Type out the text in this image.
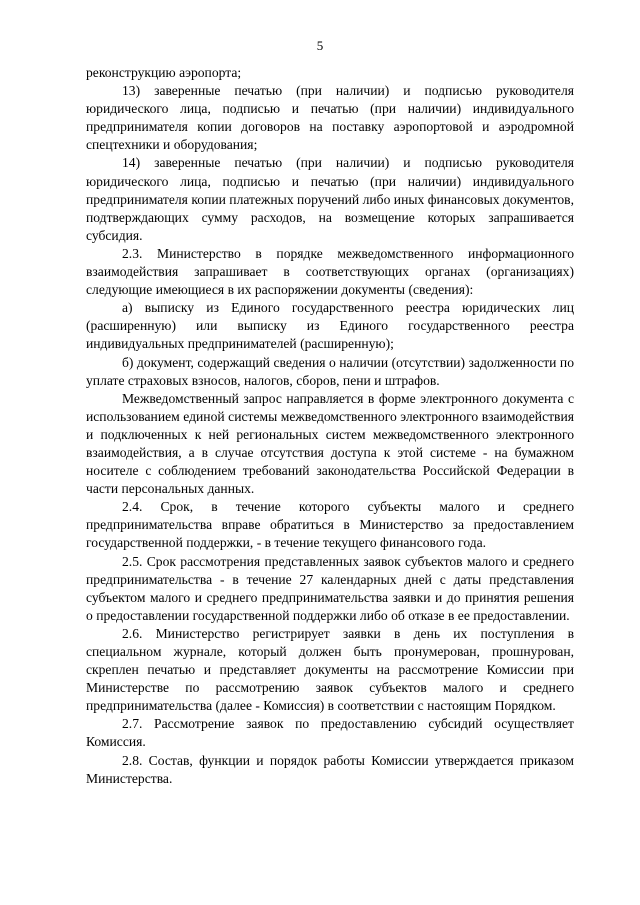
5

реконструкцию аэропорта;

13) заверенные печатью (при наличии) и подписью руководителя юридического лица, подписью и печатью (при наличии) индивидуального предпринимателя копии договоров на поставку аэропортовой и аэродромной спецтехники и оборудования;

14) заверенные печатью (при наличии) и подписью руководителя юридического лица, подписью и печатью (при наличии) индивидуального предпринимателя копии платежных поручений либо иных финансовых документов, подтверждающих сумму расходов, на возмещение которых запрашивается субсидия.

2.3. Министерство в порядке межведомственного информационного взаимодействия запрашивает в соответствующих органах (организациях) следующие имеющиеся в их распоряжении документы (сведения):

а) выписку из Единого государственного реестра юридических лиц (расширенную) или выписку из Единого государственного реестра индивидуальных предпринимателей (расширенную);

б) документ, содержащий сведения о наличии (отсутствии) задолженности по уплате страховых взносов, налогов, сборов, пени и штрафов.

Межведомственный запрос направляется в форме электронного документа с использованием единой системы межведомственного электронного взаимодействия и подключенных к ней региональных систем межведомственного электронного взаимодействия, а в случае отсутствия доступа к этой системе - на бумажном носителе с соблюдением требований законодательства Российской Федерации в части персональных данных.

2.4. Срок, в течение которого субъекты малого и среднего предпринимательства вправе обратиться в Министерство за предоставлением государственной поддержки, - в течение текущего финансового года.

2.5. Срок рассмотрения представленных заявок субъектов малого и среднего предпринимательства - в течение 27 календарных дней с даты представления субъектом малого и среднего предпринимательства заявки и до принятия решения о предоставлении государственной поддержки либо об отказе в ее предоставлении.

2.6. Министерство регистрирует заявки в день их поступления в специальном журнале, который должен быть пронумерован, прошнурован, скреплен печатью и представляет документы на рассмотрение Комиссии при Министерстве по рассмотрению заявок субъектов малого и среднего предпринимательства (далее - Комиссия) в соответствии с настоящим Порядком.

2.7. Рассмотрение заявок по предоставлению субсидий осуществляет Комиссия.

2.8. Состав, функции и порядок работы Комиссии утверждается приказом Министерства.
